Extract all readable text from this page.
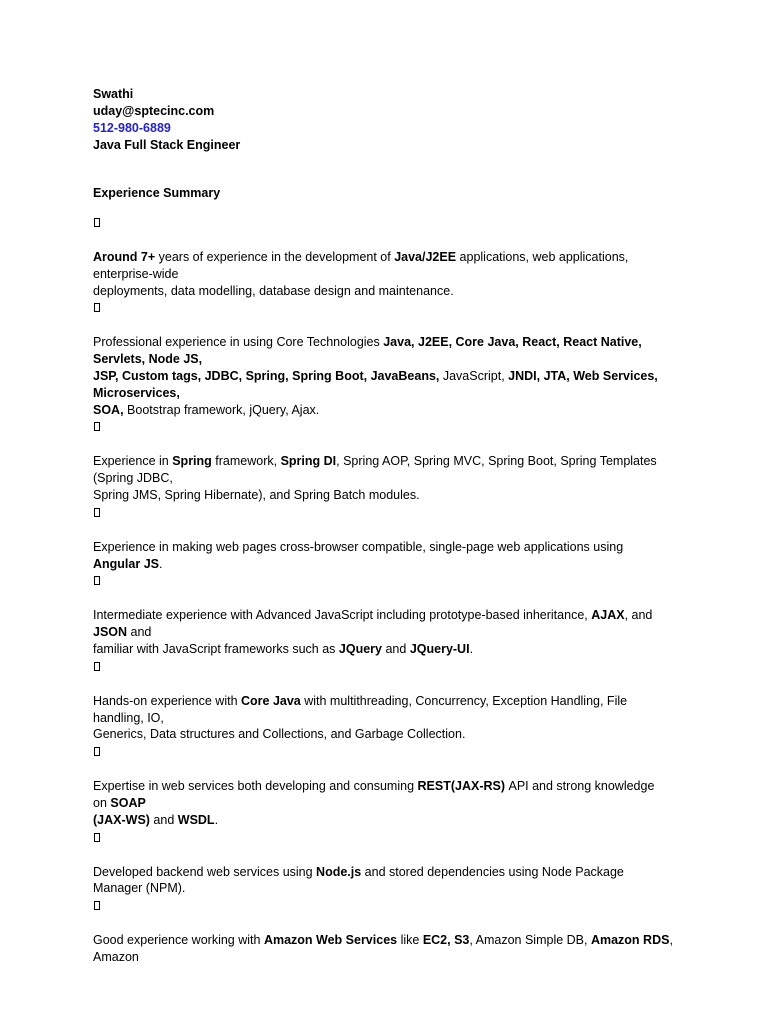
Swathi
uday@sptecinc.com
512-980-6889
Java Full Stack Engineer
Experience Summary
Around 7+ years of experience in the development of Java/J2EE applications, web applications,
enterprise-wide
deployments, data modelling, database design and maintenance.
Professional experience in using Core Technologies Java, J2EE, Core Java, React, React Native,
Servlets, Node JS,
JSP, Custom tags, JDBC, Spring, Spring Boot, JavaBeans, JavaScript, JNDI, JTA, Web Services,
Microservices,
SOA, Bootstrap framework, jQuery, Ajax.
Experience in Spring framework, Spring DI, Spring AOP, Spring MVC, Spring Boot, Spring Templates
(Spring JDBC,
Spring JMS, Spring Hibernate), and Spring Batch modules.
Experience in making web pages cross-browser compatible, single-page web applications using
Angular JS.
Intermediate experience with Advanced JavaScript including prototype-based inheritance, AJAX, and
JSON and
familiar with JavaScript frameworks such as JQuery and JQuery-UI.
Hands-on experience with Core Java with multithreading, Concurrency, Exception Handling, File
handling, IO,
Generics, Data structures and Collections, and Garbage Collection.
Expertise in web services both developing and consuming REST(JAX-RS) API and strong knowledge
on SOAP
(JAX-WS) and WSDL.
Developed backend web services using Node.js and stored dependencies using Node Package
Manager (NPM).
Good experience working with Amazon Web Services like EC2, S3, Amazon Simple DB, Amazon RDS,
Amazon
